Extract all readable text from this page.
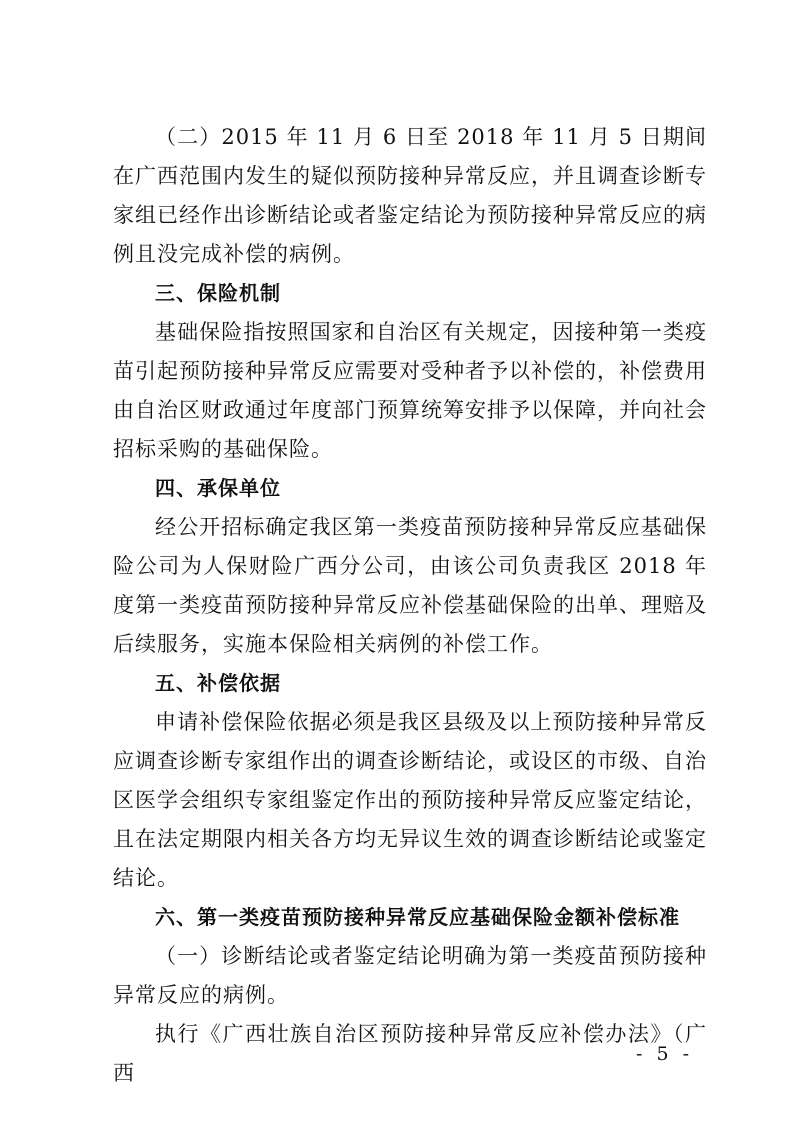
（二）2015 年 11 月 6 日至 2018 年 11 月 5 日期间在广西范围内发生的疑似预防接种异常反应，并且调查诊断专家组已经作出诊断结论或者鉴定结论为预防接种异常反应的病例且没完成补偿的病例。

三、保险机制

基础保险指按照国家和自治区有关规定，因接种第一类疫苗引起预防接种异常反应需要对受种者予以补偿的，补偿费用由自治区财政通过年度部门预算统筹安排予以保障，并向社会招标采购的基础保险。

四、承保单位

经公开招标确定我区第一类疫苗预防接种异常反应基础保险公司为人保财险广西分公司，由该公司负责我区 2018 年度第一类疫苗预防接种异常反应补偿基础保险的出单、理赔及后续服务，实施本保险相关病例的补偿工作。

五、补偿依据

申请补偿保险依据必须是我区县级及以上预防接种异常反应调查诊断专家组作出的调查诊断结论，或设区的市级、自治区医学会组织专家组鉴定作出的预防接种异常反应鉴定结论，且在法定期限内相关各方均无异议生效的调查诊断结论或鉴定结论。

六、第一类疫苗预防接种异常反应基础保险金额补偿标准

（一）诊断结论或者鉴定结论明确为第一类疫苗预防接种异常反应的病例。

执行《广西壮族自治区预防接种异常反应补偿办法》（广西

- 5 -
